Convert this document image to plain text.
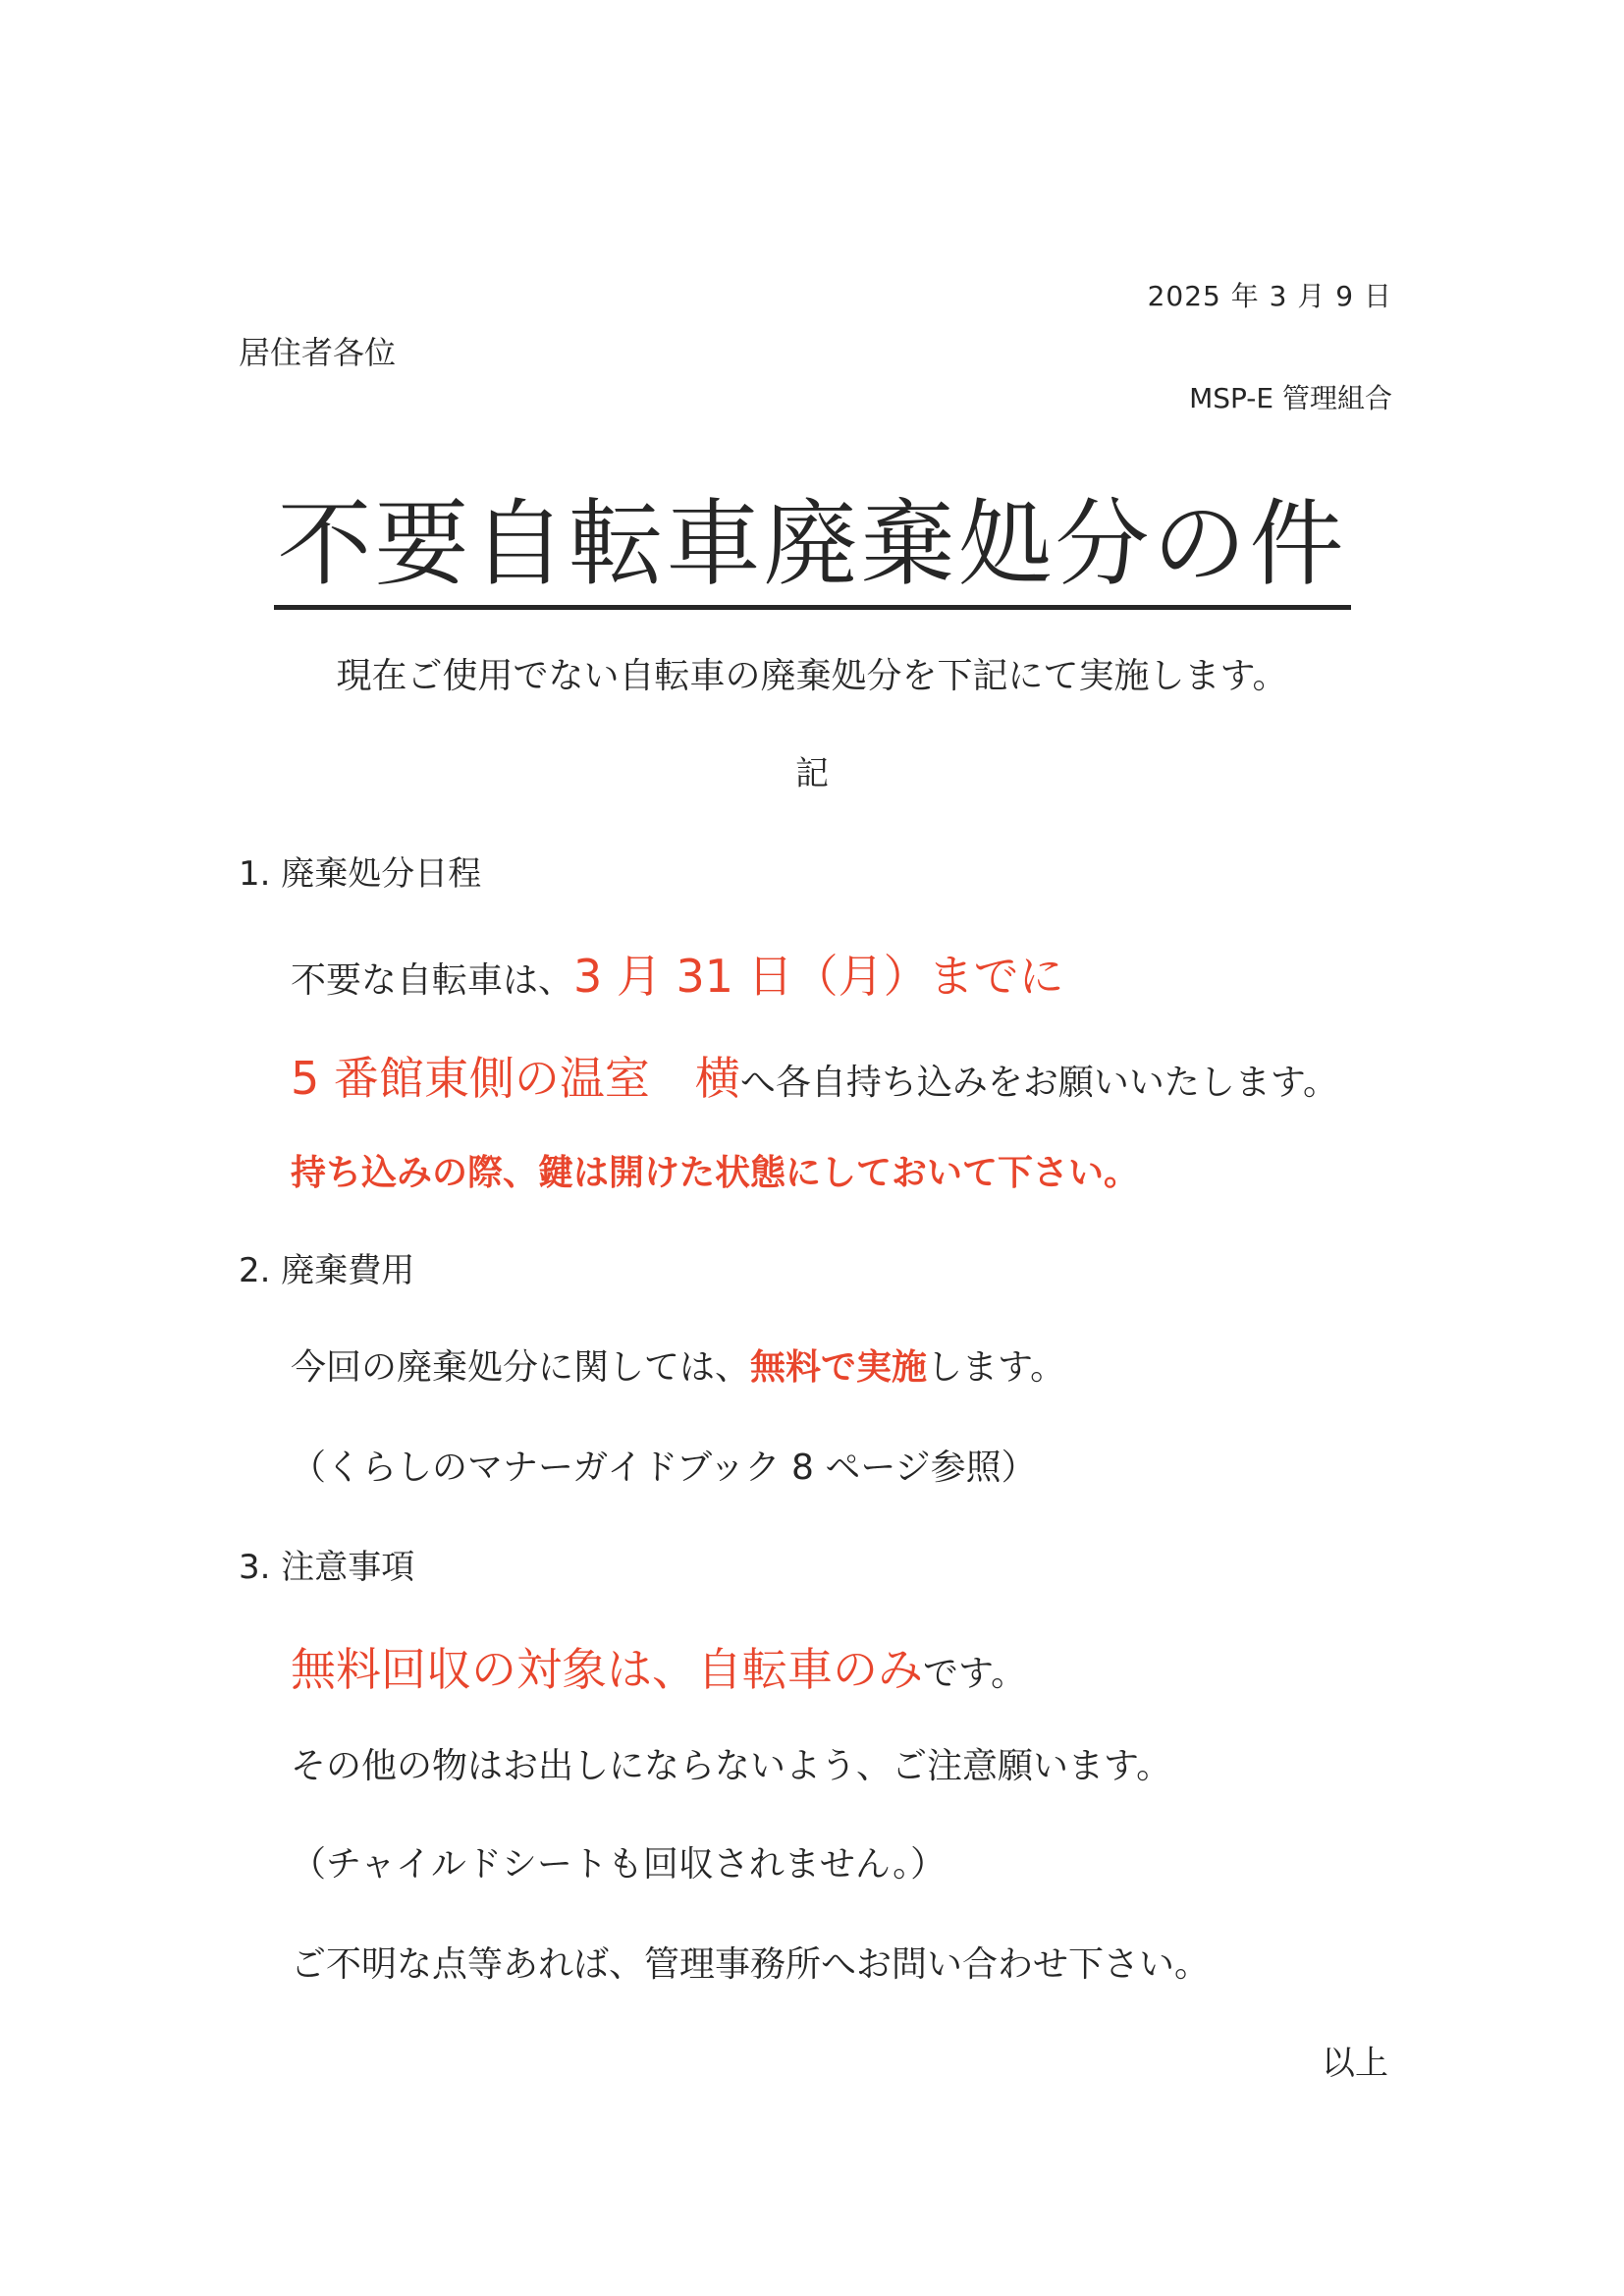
2025 年 3 月 9 日
居住者各位
MSP-E 管理組合
不要自転車廃棄処分の件
現在ご使用でない自転車の廃棄処分を下記にて実施します。
記
1. 廃棄処分日程
不要な自転車は、3 月 31 日（月）までに
5 番館東側の温室　横へ各自持ち込みをお願いいたします。
持ち込みの際、鍵は開けた状態にしておいて下さい。
2. 廃棄費用
今回の廃棄処分に関しては、無料で実施します。
（くらしのマナーガイドブック 8 ページ参照）
3. 注意事項
無料回収の対象は、自転車のみです。
その他の物はお出しにならないよう、ご注意願います。
（チャイルドシートも回収されません。）
ご不明な点等あれば、管理事務所へお問い合わせ下さい。
以上
